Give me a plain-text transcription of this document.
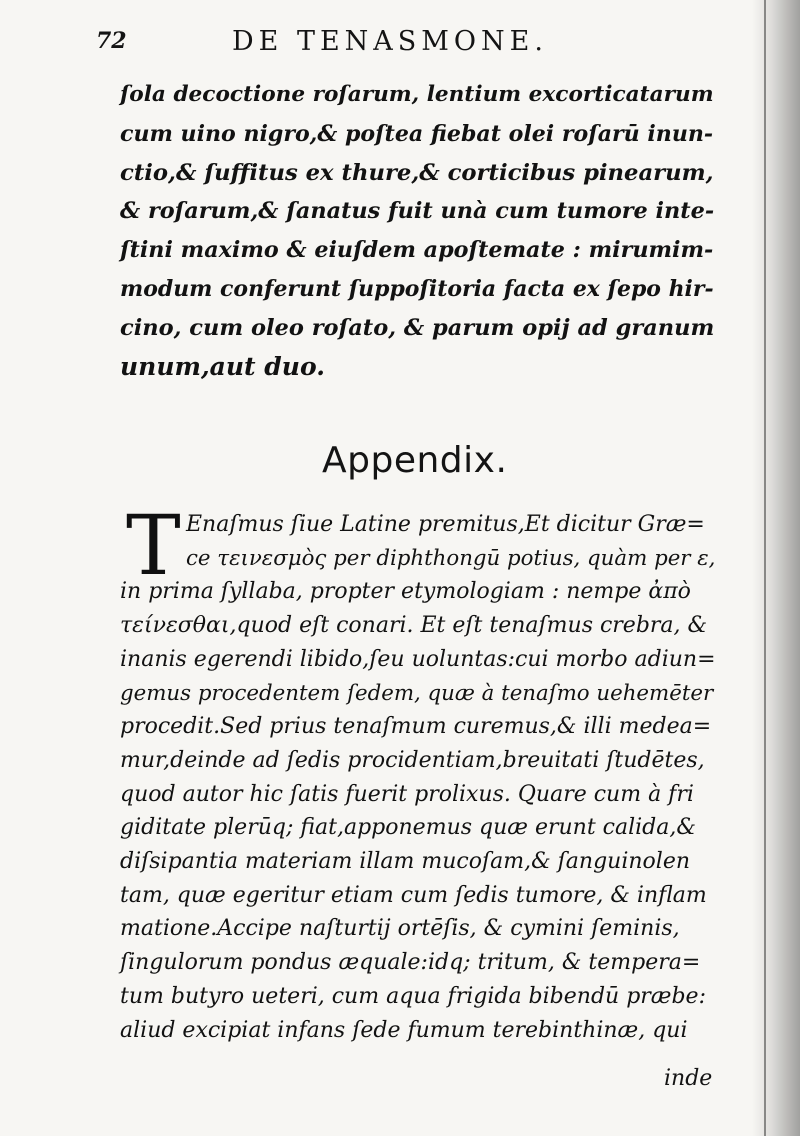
72	DE TENASMONE.
ſola decoctione roſarum, lentium excorticatarum
cum uino nigro,& poſtea fiebat olei roſarū inun-
ctio,& ſuffitus ex thure,& corticibus pinearum,
& roſarum,& ſanatus fuit unà cum tumore inte-
ſtini maximo & eiuſdem apoſtemate : mirumim-
modum conferunt ſuppoſitoria facta ex ſepo hir-
cino, cum oleo roſato, & parum opij ad granum
unum,aut duo.
Appendix.
T Enaſmus ſiue Latine premitus,Et dicitur Græ=
ce τεινεσμὸς per diphthongū potius, quàm per ε,
in prima ſyllaba, propter etymologiam : nempe ἀπὸ
τείνεσθαι,quod eſt conari. Et eſt tenaſmus crebra, &
inanis egerendi libido,ſeu uoluntas:cui morbo adiun=
gemus procedentem ſedem, quæ à tenaſmo uehemēter
procedit.Sed prius tenaſmum curemus,& illi medea=
mur,deinde ad ſedis procidentiam,breuitati ſtudētes,
quod autor hic ſatis fuerit prolixus. Quare cum à fri
giditate plerūq; fiat,apponemus quæ erunt calida,&
diſsipantia materiam illam mucoſam,& ſanguinolen
tam, quæ egeritur etiam cum ſedis tumore, & inflam
matione.Accipe naſturtij ortēſis, & cymini ſeminis,
ſingulorum pondus æquale:idq; tritum, & tempera=
tum butyro ueteri, cum aqua frigida bibendū præbe:
aliud excipiat infans ſede fumum terebinthinæ, qui
inde
